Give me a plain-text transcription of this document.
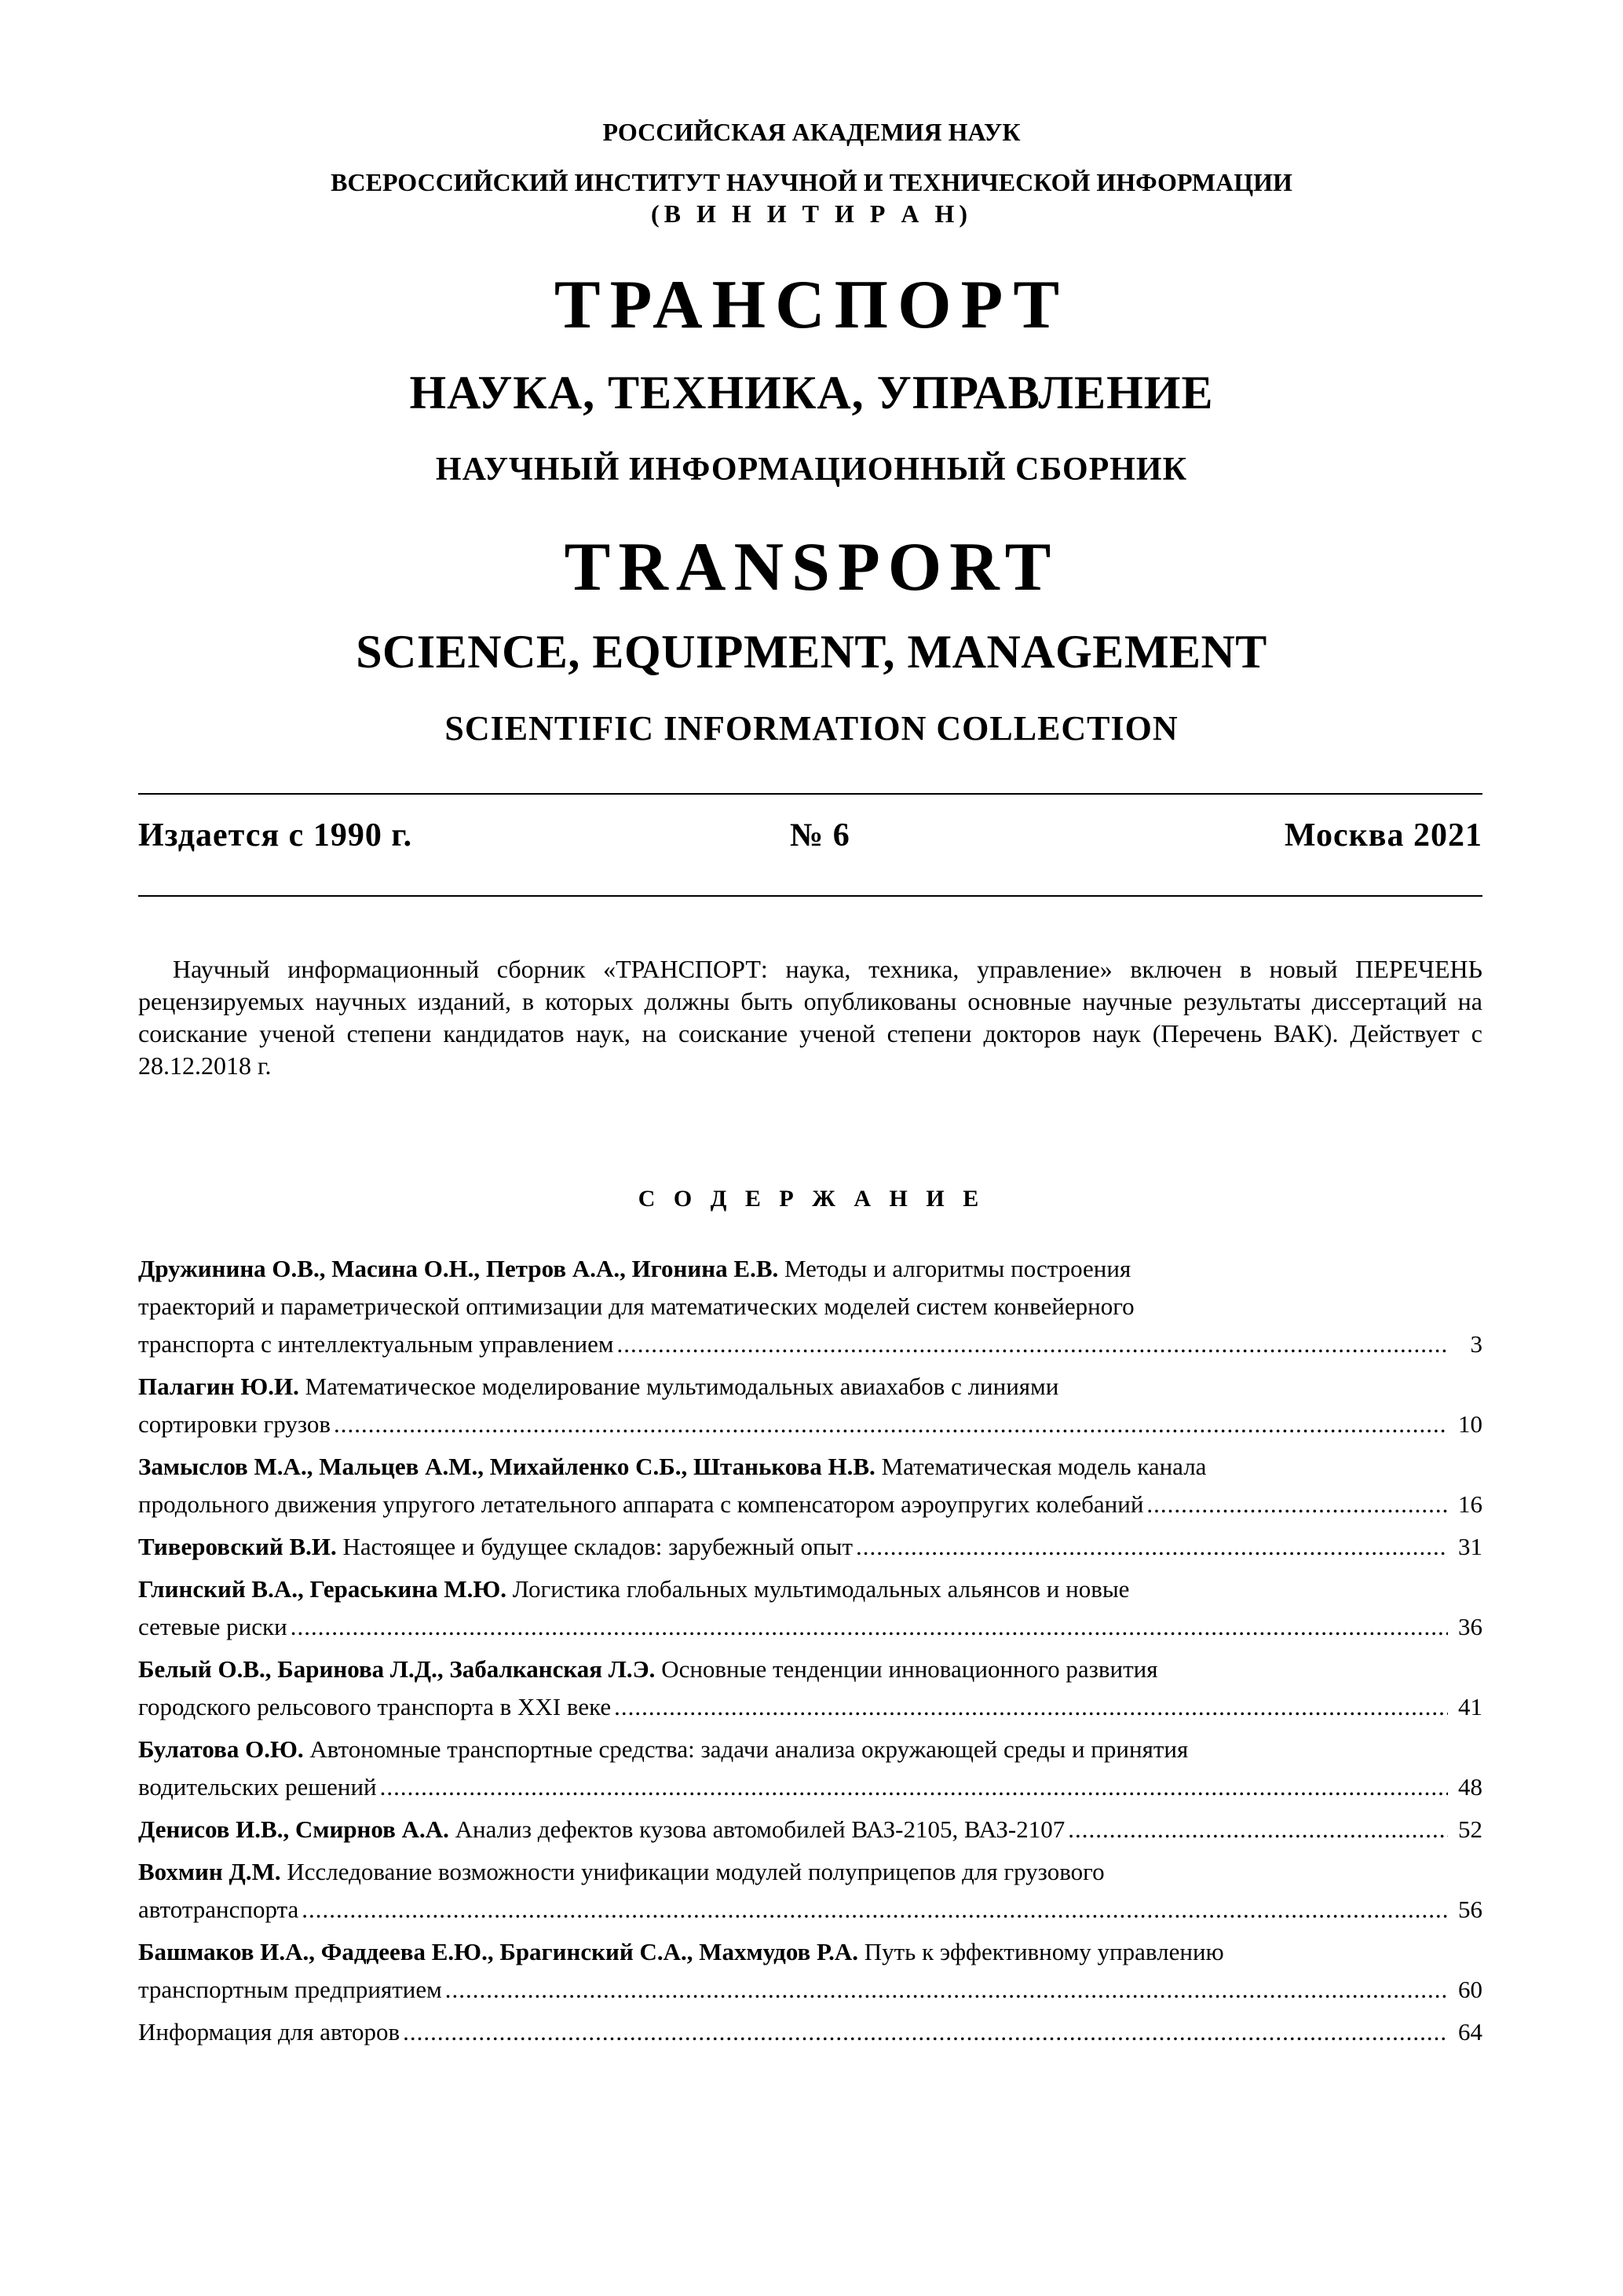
РОССИЙСКАЯ АКАДЕМИЯ НАУК
ВСЕРОССИЙСКИЙ ИНСТИТУТ НАУЧНОЙ И ТЕХНИЧЕСКОЙ ИНФОРМАЦИИ
(В И Н И Т И Р А Н)
ТРАНСПОРТ
НАУКА, ТЕХНИКА, УПРАВЛЕНИЕ
НАУЧНЫЙ ИНФОРМАЦИОННЫЙ СБОРНИК
TRANSPORT
SCIENCE, EQUIPMENT, MANAGEMENT
SCIENTIFIC INFORMATION COLLECTION
Издается с 1990 г.	№ 6	Москва 2021

Научный информационный сборник «ТРАНСПОРТ: наука, техника, управление» включен в новый ПЕРЕЧЕНЬ рецензируемых научных изданий, в которых должны быть опубликованы основные научные результаты диссертаций на соискание ученой степени кандидатов наук, на соискание ученой степени докторов наук (Перечень ВАК). Действует с 28.12.2018 г.

С О Д Е Р Ж А Н И Е
Дружинина О.В., Масина О.Н., Петров А.А., Игонина Е.В. Методы и алгоритмы построения
траекторий и параметрической оптимизации для математических моделей систем конвейерного
транспорта с интеллектуальным управлением .....	3
Палагин Ю.И. Математическое моделирование мультимодальных авиахабов с линиями
сортировки грузов .....	10
Замыслов М.А., Мальцев А.М., Михайленко С.Б., Штанькова Н.В. Математическая модель канала
продольного движения упругого летательного аппарата с компенсатором аэроупругих колебаний .....	16
Тиверовский В.И. Настоящее и будущее складов: зарубежный опыт .....	31
Глинский В.А., Гераськина М.Ю. Логистика глобальных мультимодальных альянсов и новые
сетевые риски .....	36
Белый О.В., Баринова Л.Д., Забалканская Л.Э. Основные тенденции инновационного развития
городского рельсового транспорта в XXI веке .....	41
Булатова О.Ю. Автономные транспортные средства: задачи анализа окружающей среды и принятия
водительских решений .....	48
Денисов И.В., Смирнов А.А. Анализ дефектов кузова автомобилей ВАЗ-2105, ВАЗ-2107 .....	52
Вохмин Д.М. Исследование возможности унификации модулей полуприцепов для грузового
автотранспорта .....	56
Башмаков И.А., Фаддеева Е.Ю., Брагинский С.А., Махмудов Р.А. Путь к эффективному управлению
транспортным предприятием .....	60
Информация для авторов .....	64
